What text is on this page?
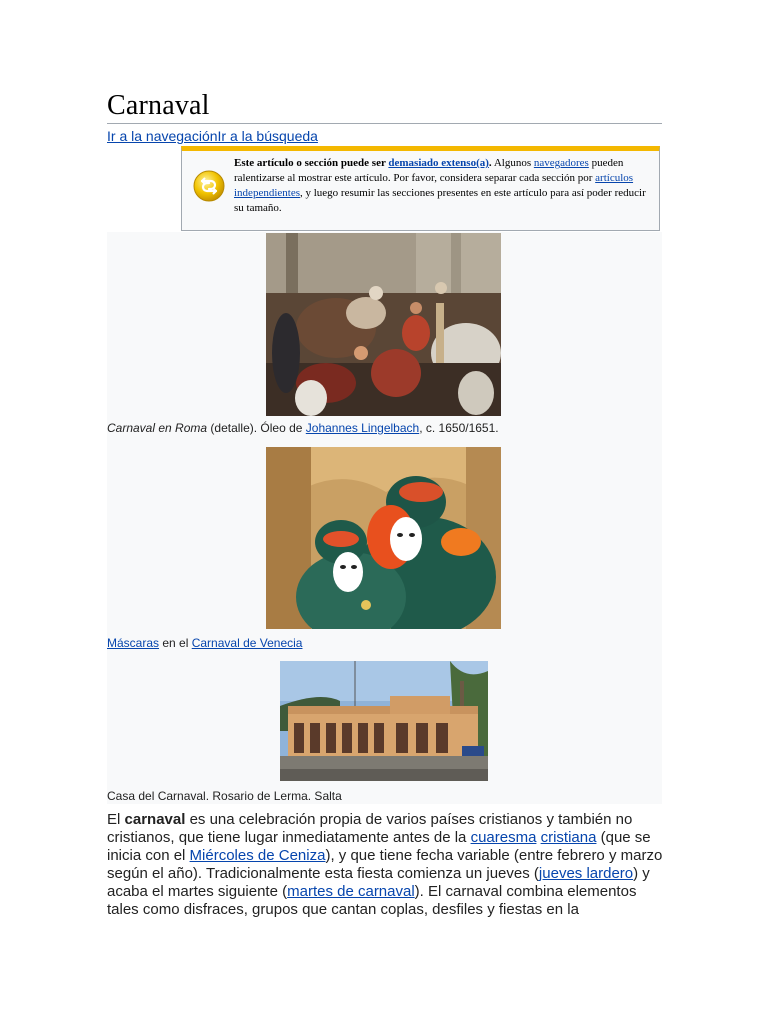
Carnaval
Ir a la navegaciónIr a la búsqueda
Este artículo o sección puede ser demasiado extenso(a). Algunos navegadores pueden ralentizarse al mostrar este artículo. Por favor, considera separar cada sección por artículos independientes, y luego resumir las secciones presentes en este artículo para así poder reducir su tamaño.
Carnaval en Roma (detalle). Óleo de Johannes Lingelbach, c. 1650/1651.
Máscaras en el Carnaval de Venecia
Casa del Carnaval. Rosario de Lerma. Salta

El carnaval es una celebración propia de varios países cristianos y también no cristianos, que tiene lugar inmediatamente antes de la cuaresma cristiana (que se inicia con el Miércoles de Ceniza), y que tiene fecha variable (entre febrero y marzo según el año). Tradicionalmente esta fiesta comienza un jueves (jueves lardero) y acaba el martes siguiente (martes de carnaval). El carnaval combina elementos tales como disfraces, grupos que cantan coplas, desfiles y fiestas en la
